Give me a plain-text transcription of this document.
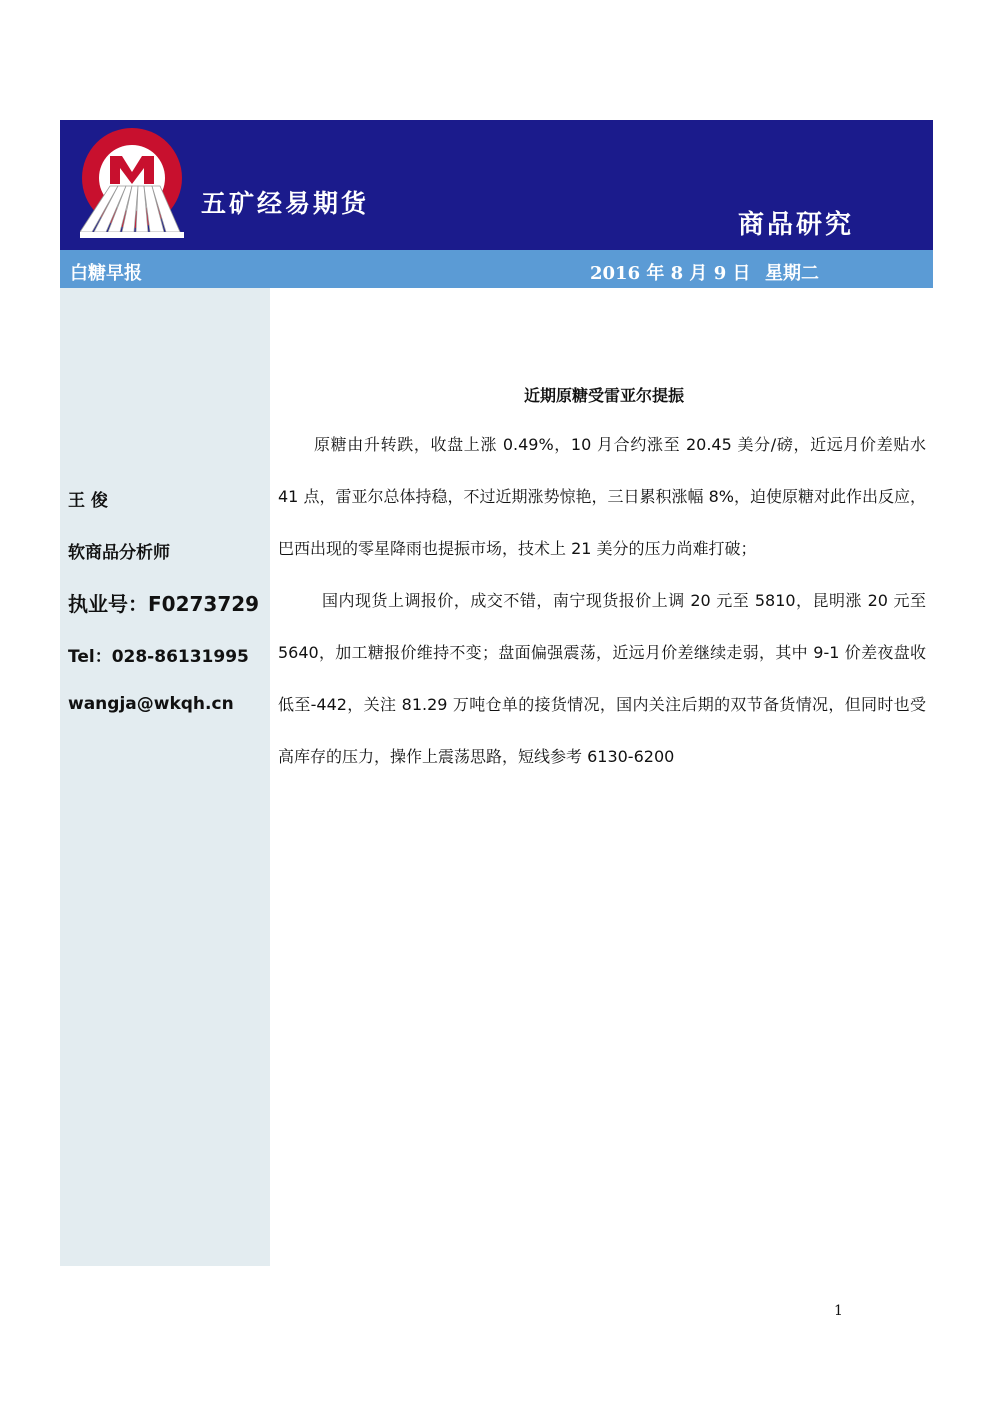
五矿经易期货
商品研究
白糖早报	2016 年 8 月 9 日 星期二
王 俊
软商品分析师
执业号：F0273729
Tel：028-86131995
wangja@wkqh.cn
近期原糖受雷亚尔提振

原糖由升转跌，收盘上涨 0.49%，10 月合约涨至 20.45 美分/磅，近远月价差贴水 41 点，雷亚尔总体持稳，不过近期涨势惊艳，三日累积涨幅 8%，迫使原糖对此作出反应，巴西出现的零星降雨也提振市场，技术上 21 美分的压力尚难打破；

国内现货上调报价，成交不错，南宁现货报价上调 20 元至 5810，昆明涨 20 元至 5640，加工糖报价维持不变；盘面偏强震荡，近远月价差继续走弱，其中 9-1 价差夜盘收低至-442，关注 81.29 万吨仓单的接货情况，国内关注后期的双节备货情况，但同时也受高库存的压力，操作上震荡思路，短线参考 6130-6200

1
